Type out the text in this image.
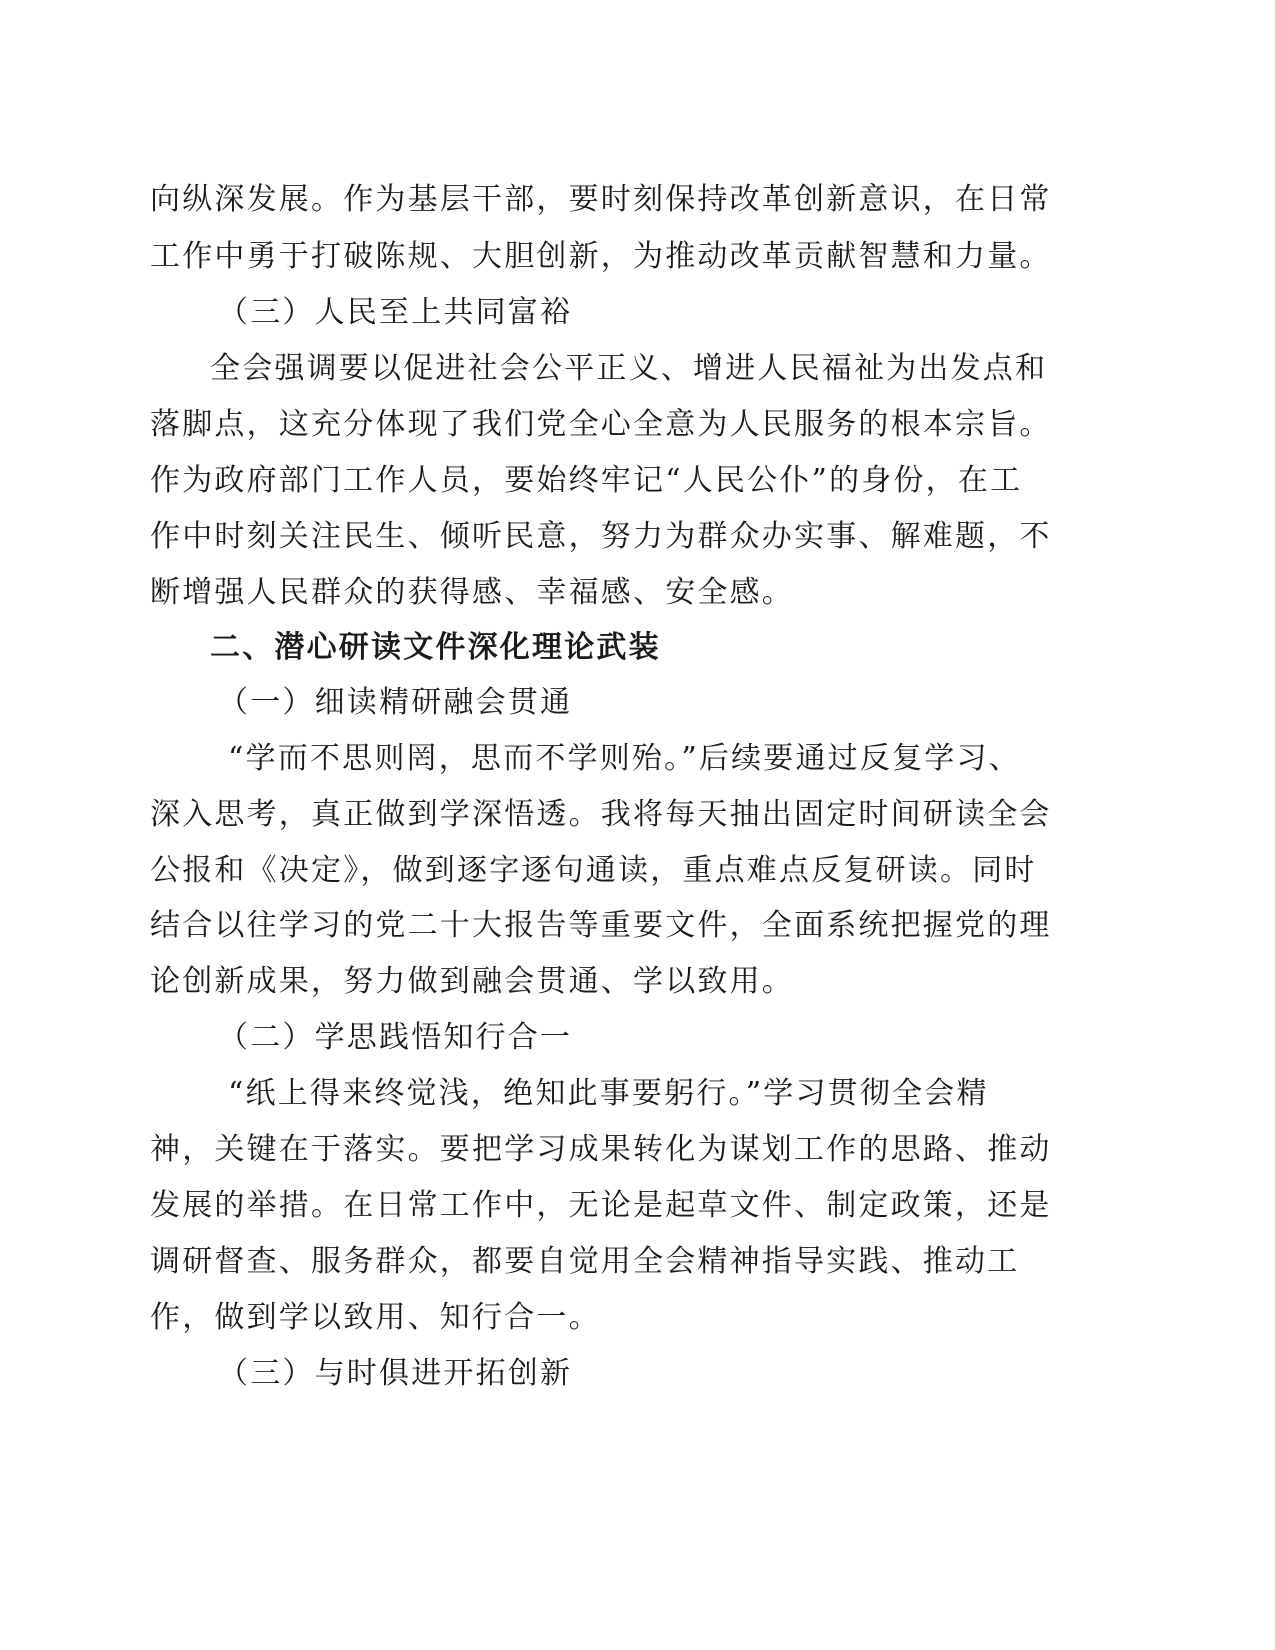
向纵深发展。作为基层干部，要时刻保持改革创新意识，在日常
工作中勇于打破陈规、大胆创新，为推动改革贡献智慧和力量。
（三）人民至上共同富裕
全会强调要以促进社会公平正义、增进人民福祉为出发点和
落脚点，这充分体现了我们党全心全意为人民服务的根本宗旨。
作为政府部门工作人员，要始终牢记“人民公仆”的身份，在工
作中时刻关注民生、倾听民意，努力为群众办实事、解难题，不
断增强人民群众的获得感、幸福感、安全感。
二、潜心研读文件深化理论武装
（一）细读精研融会贯通
“学而不思则罔，思而不学则殆。”后续要通过反复学习、
深入思考，真正做到学深悟透。我将每天抽出固定时间研读全会
公报和《决定》，做到逐字逐句通读，重点难点反复研读。同时
结合以往学习的党二十大报告等重要文件，全面系统把握党的理
论创新成果，努力做到融会贯通、学以致用。
（二）学思践悟知行合一
“纸上得来终觉浅，绝知此事要躬行。”学习贯彻全会精
神，关键在于落实。要把学习成果转化为谋划工作的思路、推动
发展的举措。在日常工作中，无论是起草文件、制定政策，还是
调研督查、服务群众，都要自觉用全会精神指导实践、推动工
作，做到学以致用、知行合一。
（三）与时俱进开拓创新
